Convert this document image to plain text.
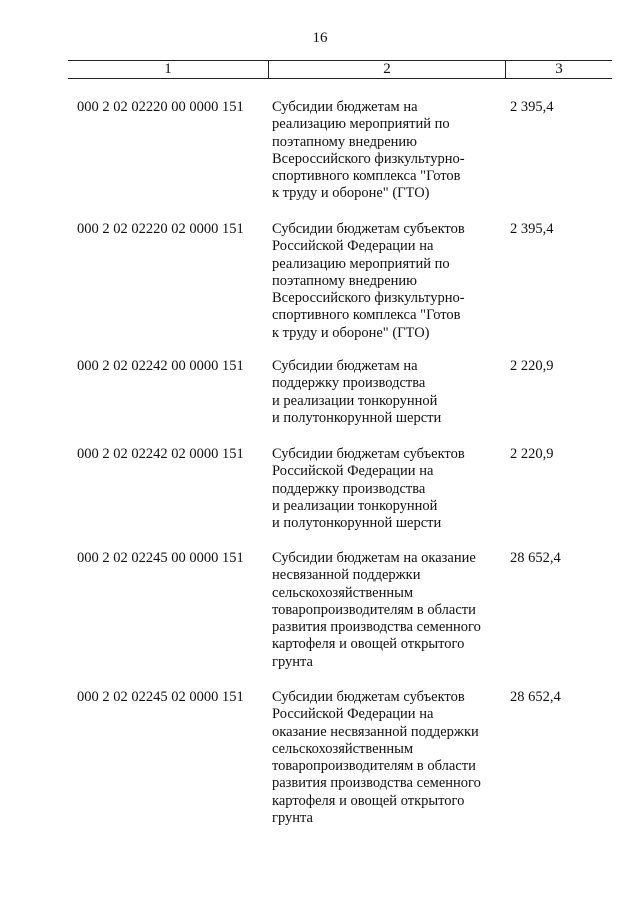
16
1	2	3
000 2 02 02220 00 0000 151 Субсидии бюджетам на
реализацию мероприятий по
поэтапному внедрению
Всероссийского физкультурно-
спортивного комплекса "Готов
к труду и обороне" (ГТО)
2 395,4
000 2 02 02220 02 0000 151 Субсидии бюджетам субъектов
Российской Федерации на
реализацию мероприятий по
поэтапному внедрению
Всероссийского физкультурно-
спортивного комплекса "Готов
к труду и обороне" (ГТО)
2 395,4
000 2 02 02242 00 0000 151 Субсидии бюджетам на
поддержку производства
и реализации тонкорунной
и полутонкорунной шерсти
2 220,9
000 2 02 02242 02 0000 151 Субсидии бюджетам субъектов
Российской Федерации на
поддержку производства
и реализации тонкорунной
и полутонкорунной шерсти
2 220,9
000 2 02 02245 00 0000 151 Субсидии бюджетам на оказание
несвязанной поддержки
сельскохозяйственным
товаропроизводителям в области
развития производства семенного
картофеля и овощей открытого
грунта
28 652,4
000 2 02 02245 02 0000 151 Субсидии бюджетам субъектов
Российской Федерации на
оказание несвязанной поддержки
сельскохозяйственным
товаропроизводителям в области
развития производства семенного
картофеля и овощей открытого
грунта
28 652,4
